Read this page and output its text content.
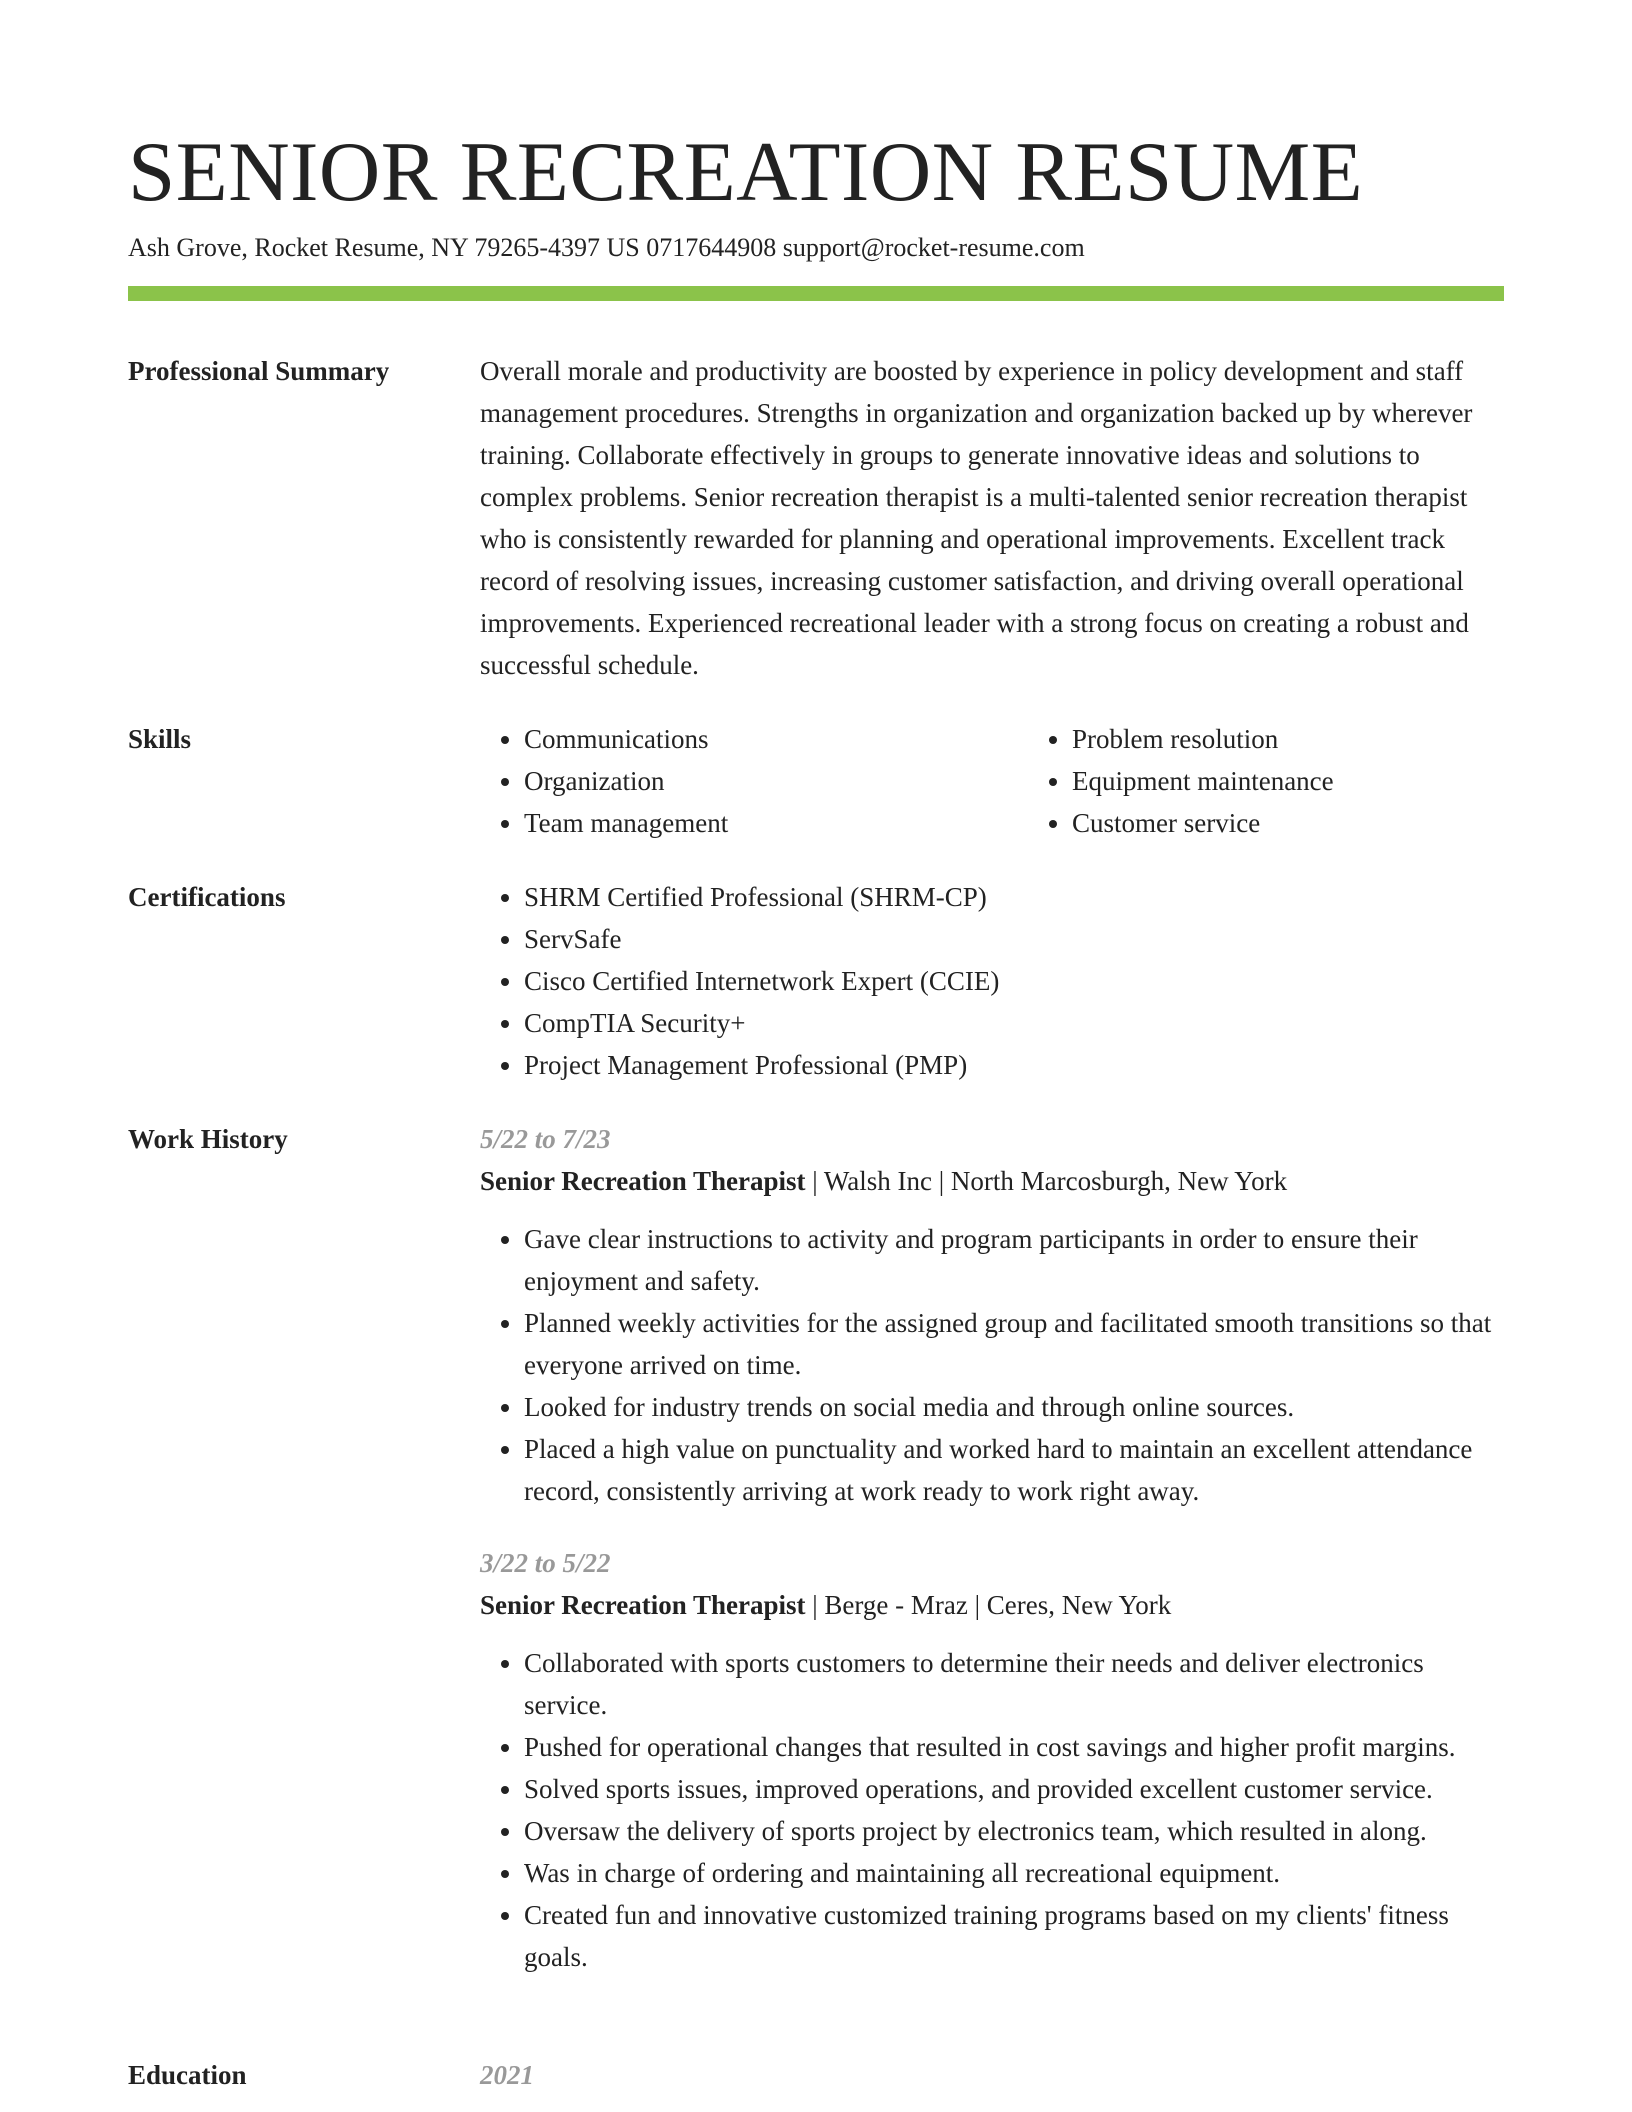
SENIOR RECREATION RESUME
Ash Grove, Rocket Resume, NY 79265-4397 US 0717644908 support@rocket-resume.com
Professional Summary	Overall morale and productivity are boosted by experience in policy development and staff management procedures. Strengths in organization and organization backed up by wherever training. Collaborate effectively in groups to generate innovative ideas and solutions to complex problems. Senior recreation therapist is a multi-talented senior recreation therapist who is consistently rewarded for planning and operational improvements. Excellent track record of resolving issues, increasing customer satisfaction, and driving overall operational improvements. Experienced recreational leader with a strong focus on creating a robust and successful schedule.

Skills	• Communications
• Organization
• Team management
• Problem resolution
• Equipment maintenance
• Customer service
Certifications	• SHRM Certified Professional (SHRM-CP)
• ServSafe
• Cisco Certified Internetwork Expert (CCIE)
• CompTIA Security+
• Project Management Professional (PMP)
Work History	5/22 to 7/23
Senior Recreation Therapist | Walsh Inc | North Marcosburgh, New York
• Gave clear instructions to activity and program participants in order to ensure their enjoyment and safety.
• Planned weekly activities for the assigned group and facilitated smooth transitions so that everyone arrived on time.
• Looked for industry trends on social media and through online sources.
• Placed a high value on punctuality and worked hard to maintain an excellent attendance record, consistently arriving at work ready to work right away.
3/22 to 5/22
Senior Recreation Therapist | Berge - Mraz | Ceres, New York
• Collaborated with sports customers to determine their needs and deliver electronics service.
• Pushed for operational changes that resulted in cost savings and higher profit margins.
• Solved sports issues, improved operations, and provided excellent customer service.
• Oversaw the delivery of sports project by electronics team, which resulted in along.
• Was in charge of ordering and maintaining all recreational equipment.
• Created fun and innovative customized training programs based on my clients' fitness goals.
Education	2021
